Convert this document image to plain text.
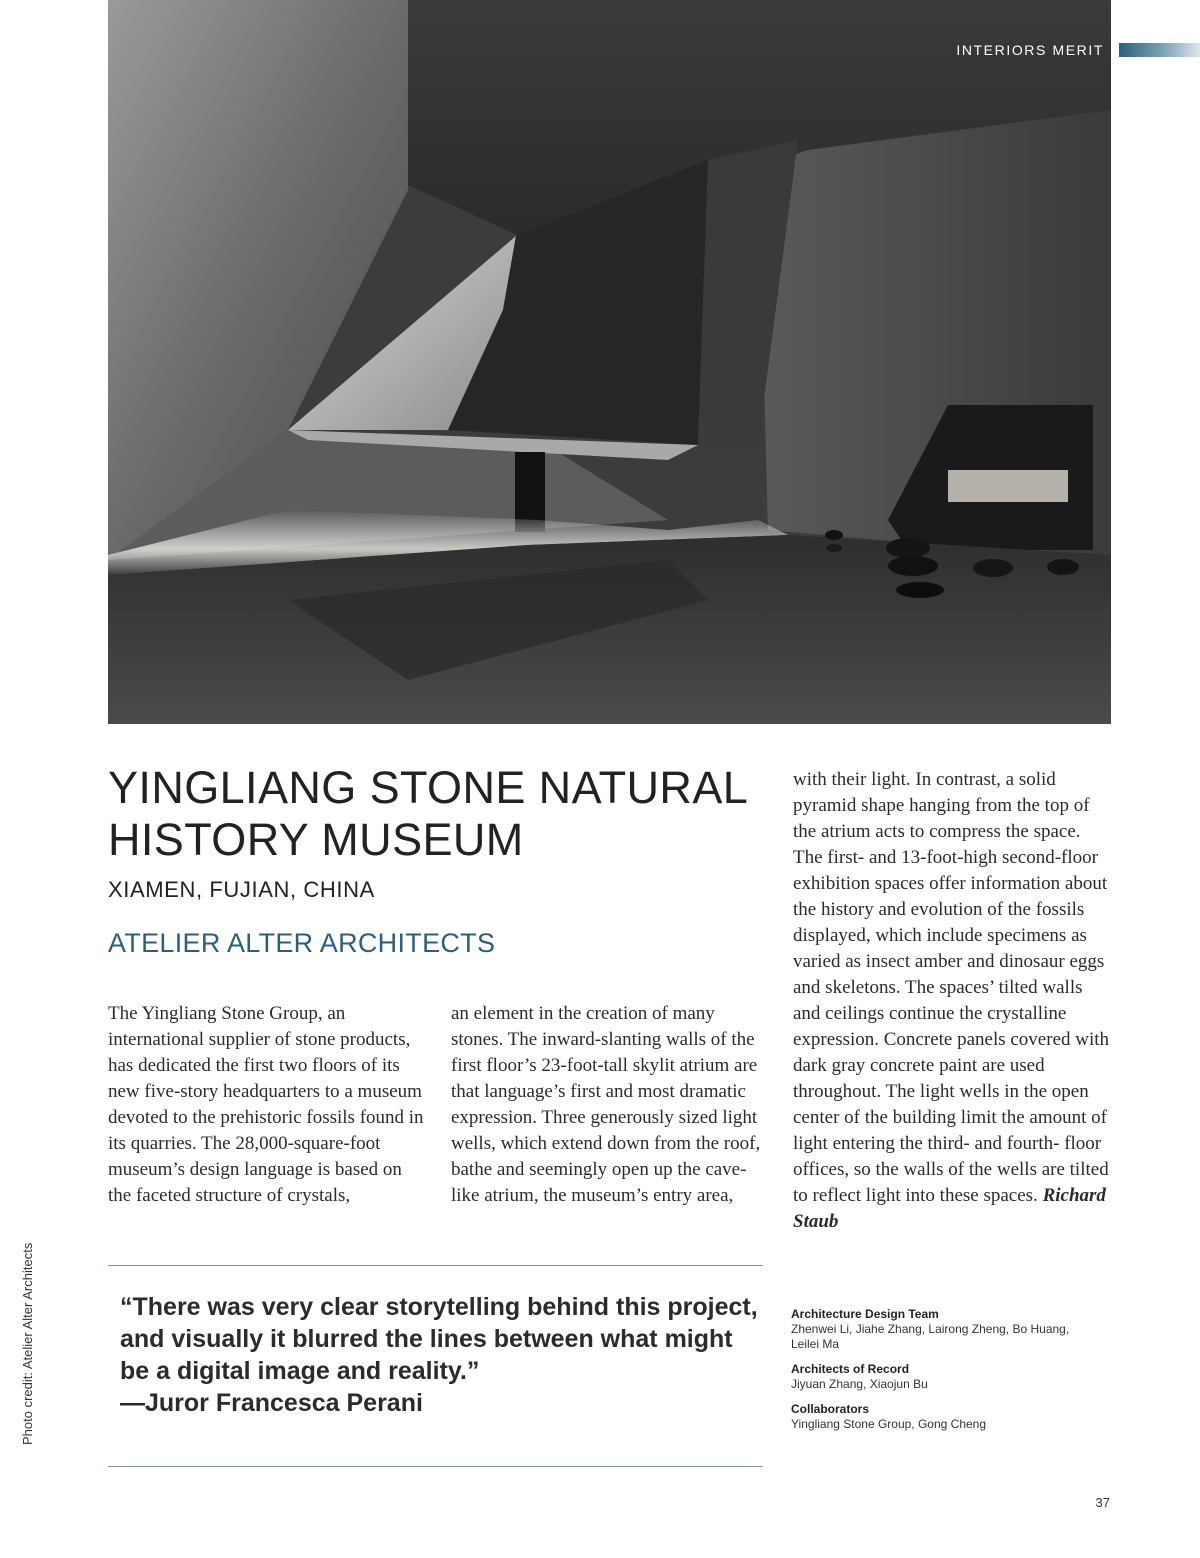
INTERIORS MERIT
YINGLIANG STONE NATURAL
HISTORY MUSEUM
XIAMEN, FUJIAN, CHINA
ATELIER ALTER ARCHITECTS

The Yingliang Stone Group, an international supplier of stone products, has dedicated the first two floors of its new five-story headquarters to a museum devoted to the prehistoric fossils found in its quarries. The 28,000-square-foot museum’s design language is based on the faceted structure of crystals,

an element in the creation of many stones. The inward-slanting walls of the first floor’s 23-foot-tall skylit atrium are that language’s first and most dramatic expression. Three generously sized light wells, which extend down from the roof, bathe and seemingly open up the cave-like atrium, the museum’s entry area,

with their light. In contrast, a solid pyramid shape hanging from the top of the atrium acts to compress the space. The first- and 13-foot-high second-floor exhibition spaces offer information about the history and evolution of the fossils displayed, which include specimens as varied as insect amber and dinosaur eggs and skeletons. The spaces’ tilted walls and ceilings continue the crystalline expression. Concrete panels covered with dark gray concrete paint are used throughout. The light wells in the open center of the building limit the amount of light entering the third- and fourth- floor offices, so the walls of the wells are tilted to reflect light into these spaces. Richard Staub

“There was very clear storytelling behind this project, and visually it blurred the lines between what might be a digital image and reality.”
—Juror Francesca Perani

Architecture Design Team
Zhenwei Li, Jiahe Zhang, Lairong Zheng, Bo Huang, Leilei Ma
Architects of Record
Jiyuan Zhang, Xiaojun Bu
Collaborators
Yingliang Stone Group, Gong Cheng
Photo credit: Atelier Alter Architects
37
